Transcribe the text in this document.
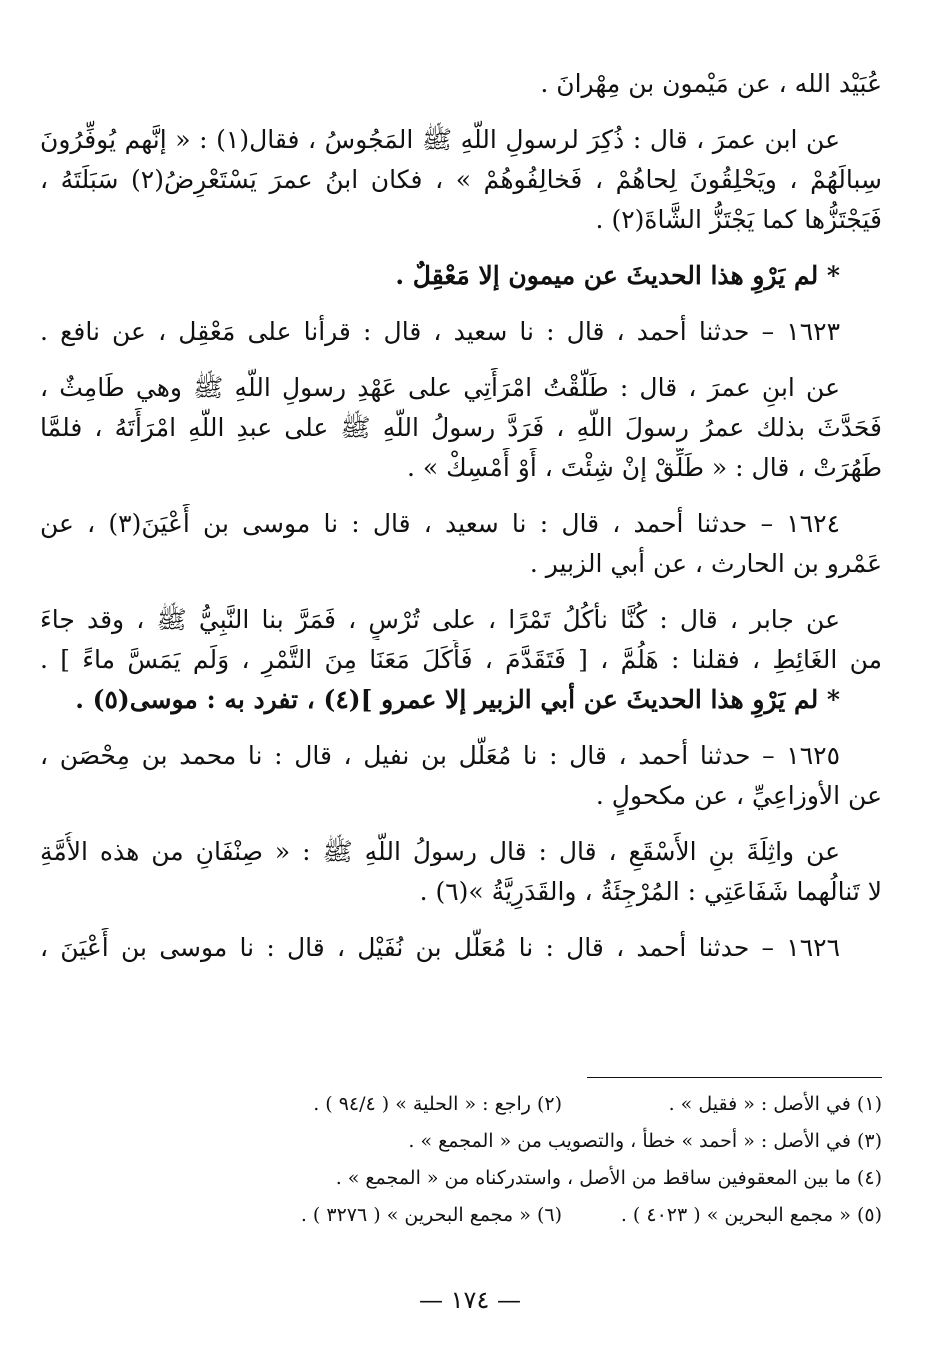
عُبَيْد الله ، عن مَيْمون بن مِهْرانَ .
عن ابن عمرَ ، قال : ذُكِرَ لرسولِ اللَّهِ ﷺ المَجُوسُ ، فقال(١) : « إنَّهم يُوفِّرُونَ
سِبالَهُمْ ، ويَحْلِقُونَ لِحاهُمْ ، فَخالِفُوهُمْ » ، فكان ابنُ عمرَ يَسْتَعْرِضُ(٢) سَبَلَتَهُ ،
فَيَجْتَزُّها كما يَجْتَزُّ الشَّاةَ(٢) .
* لم يَرْوِ هذا الحديثَ عن ميمون إلا مَعْقِلٌ .
١٦٢٣ – حدثنا أحمد ، قال : نا سعيد ، قال : قرأنا على مَعْقِل ، عن نافع .
عن ابنِ عمرَ ، قال : طَلَّقْتُ امْرَأَتِي على عَهْدِ رسولِ اللَّهِ ﷺ وهي طَامِثٌ ،
فَحَدَّثَ بذلك عمرُ رسولَ اللَّهِ ، فَرَدَّ رسولُ اللَّهِ ﷺ على عبدِ اللَّهِ امْرَأَتَهُ ، فلمَّا
طَهُرَتْ ، قال : « طَلِّقْ إنْ شِئْتَ ، أَوْ أَمْسِكْ » .
١٦٢٤ – حدثنا أحمد ، قال : نا سعيد ، قال : نا موسى بن أَعْيَنَ(٣) ، عن
عَمْرو بن الحارث ، عن أبي الزبير .
عن جابر ، قال : كُنَّا نأكُلُ تَمْرًا ، على تُرْسٍ ، فَمَرَّ بنا النَّبِيُّ ﷺ ، وقد جاءَ
من الغَائِطِ ، فقلنا : هَلُمَّ ، [ فَتَقَدَّمَ ، فَأَكَلَ مَعَنَا مِنَ التَّمْرِ ، وَلَم يَمَسَّ ماءً ] .
* لم يَرْوِ هذا الحديثَ عن أبي الزبير إلا عمرو ](٤) ، تفرد به : موسى(٥) .
١٦٢٥ – حدثنا أحمد ، قال : نا مُعَلَّل بن نفيل ، قال : نا محمد بن مِحْصَن ،
عن الأوزاعِيِّ ، عن مكحولٍ .
عن واثِلَةَ بنِ الأَسْقَعِ ، قال : قال رسولُ اللَّهِ ﷺ : « صِنْفَانِ من هذه الأُمَّةِ
لا تَنالُهما شَفَاعَتِي : المُرْجِئَةُ ، والقَدَرِيَّةُ »(٦) .
١٦٢٦ – حدثنا أحمد ، قال : نا مُعَلَّل بن نُفَيْل ، قال : نا موسى بن أَعْيَنَ ،
(١) في الأصل : « فقيل » .
(٢) راجع : « الحلية » ( ٩٤/٤ ) .
(٣) في الأصل : « أحمد » خطأ ، والتصويب من « المجمع » .
(٤) ما بين المعقوفين ساقط من الأصل ، واستدركناه من « المجمع » .
(٥) « مجمع البحرين » ( ٤٠٢٣ ) .
(٦) « مجمع البحرين » ( ٣٢٧٦ ) .
— ١٧٤ —
